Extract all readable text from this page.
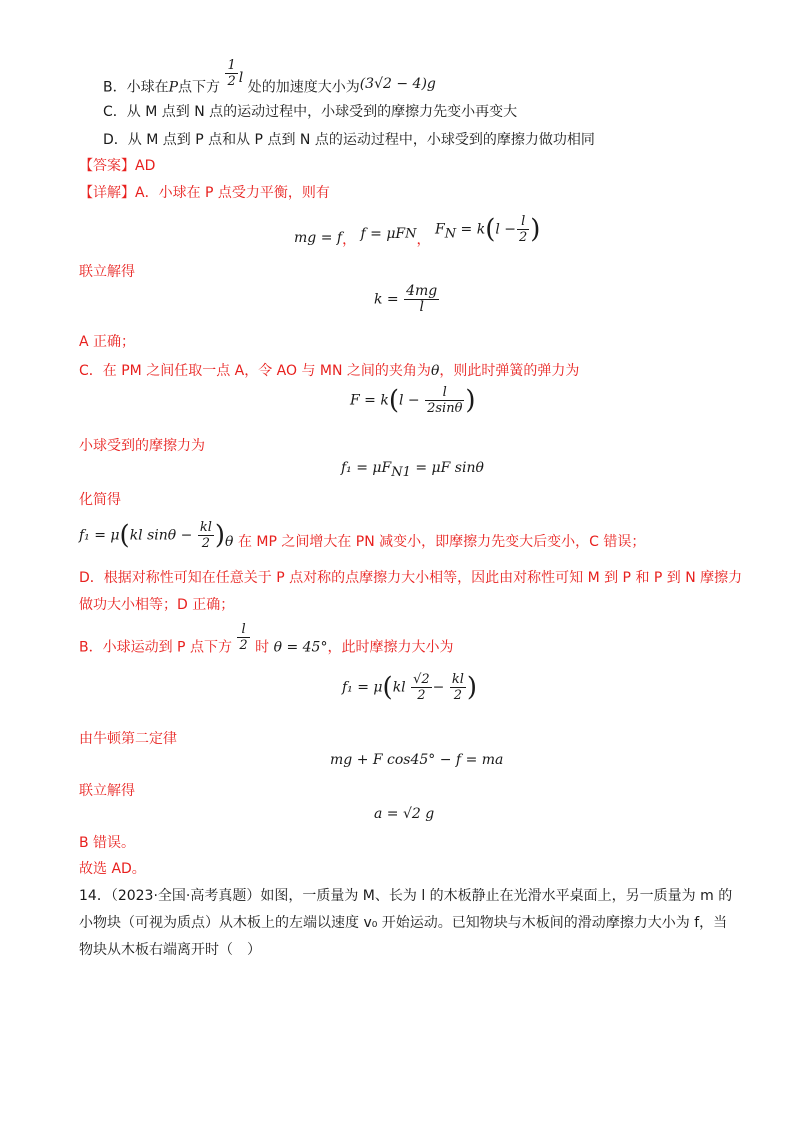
B．小球在P点下方 $\frac{1}{2}$ l 处的加速度大小为(3√2 − 4)g
C．从 M 点到 N 点的运动过程中，小球受到的摩擦力先变小再变大
D．从 M 点到 P 点和从 P 点到 N 点的运动过程中，小球受到的摩擦力做功相同
【答案】AD
【详解】A．小球在 P 点受力平衡，则有
mg = f， $f = \mu F_N$， $F_N = k(l - \frac{l}{2}$ )
联立解得
$k = \frac{4mg}{l}$
A 正确；
C．在 PM 之间任取一点 A，令 AO 与 MN 之间的夹角为θ，则此时弹簧的弹力为
$F = k(l - \frac{l}{2\sin\theta}$ )
小球受到的摩擦力为
$f_1 = \mu F_{N1} = \mu F$ sinθ
化简得
f₁ = μ(kl $\sin\theta - \frac{kl}{2} )\theta$ 在 MP 之间增大在 PN 减变小，即摩擦力先变大后变小，C 错误；
D．根据对称性可知在任意关于 P 点对称的点摩擦力大小相等，因此由对称性可知 M 到 P 和 P 到 N 摩擦力
做功大小相等；D 正确；
B．小球运动到 P 点下方 $\frac{l}{2}$ 时 θ = 45°，此时摩擦力大小为
$f_1 = \mu(kl \frac{√2}{2} - \frac{kl}{2}$ )
由牛顿第二定律
mg + F cos45° − f = ma
联立解得
a = √2 g
B 错误。
故选 AD。
14．（2023·全国·高考真题）如图，一质量为 M、长为 l 的木板静止在光滑水平桌面上，另一质量为 m 的
小物块（可视为质点）从木板上的左端以速度 v₀ 开始运动。已知物块与木板间的滑动摩擦力大小为 f，当
物块从木板右端离开时（　）
